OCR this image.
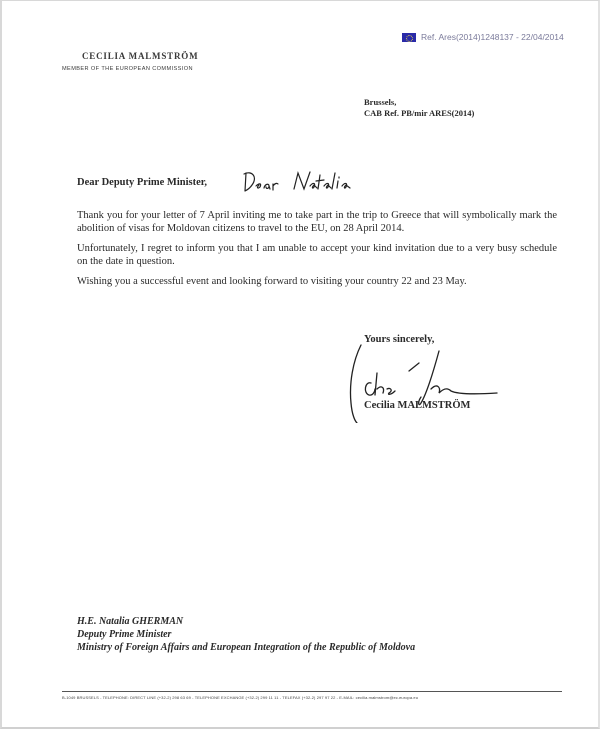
Ref. Ares(2014)1248137 - 22/04/2014
CECILIA MALMSTRÖM
MEMBER OF THE EUROPEAN COMMISSION
Brussels,
CAB Ref. PB/mir ARES(2014)
Dear Deputy Prime Minister,

Thank you for your letter of 7 April inviting me to take part in the trip to Greece that will symbolically mark the abolition of visas for Moldovan citizens to travel to the EU, on 28 April 2014.

Unfortunately, I regret to inform you that I am unable to accept your kind invitation due to a very busy schedule on the date in question.

Wishing you a successful event and looking forward to visiting your country 22 and 23 May.

Yours sincerely,
Cecilia MALMSTRÖM
H.E. Natalia GHERMAN
Deputy Prime Minister
Ministry of Foreign Affairs and European Integration of the Republic of Moldova
B-1049 BRUSSELS - TELEPHONE: DIRECT LINE (+32-2) 298 63 69 - TELEPHONE EXCHANGE (+32-2) 299 11 11 - TELEFAX (+32-2) 297 97 22 - E-MAIL: cecilia.malmstrom@ec.europa.eu
